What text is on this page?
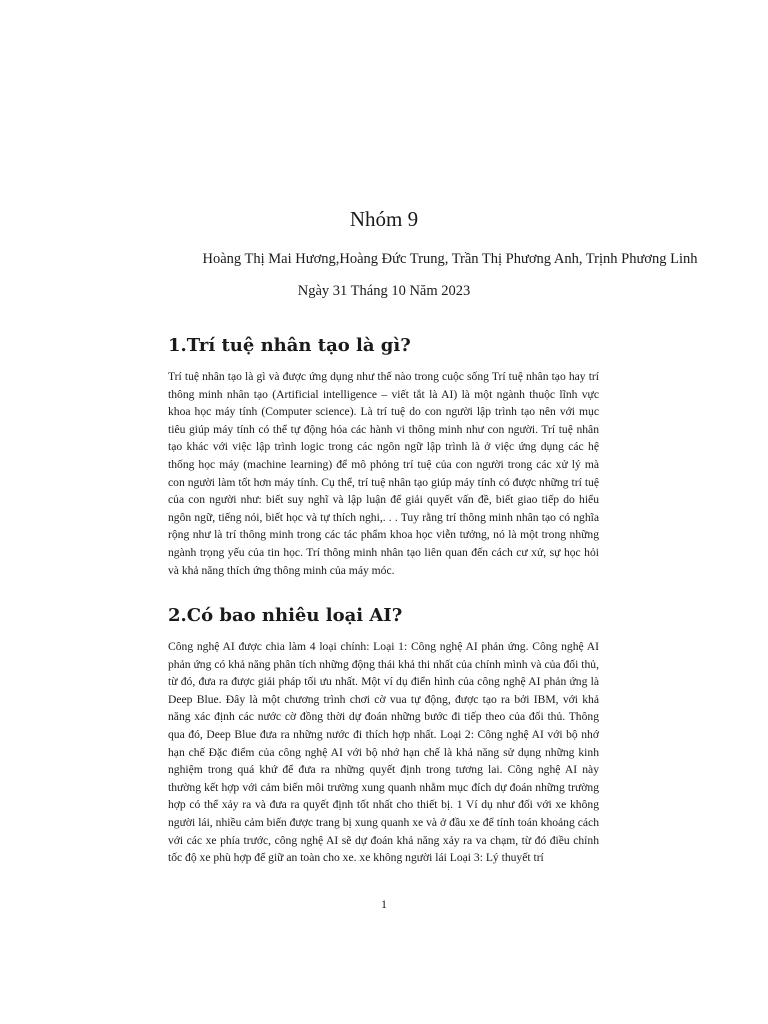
Nhóm 9
Hoàng Thị Mai Hương,Hoàng Đức Trung, Trần Thị Phương Anh, Trịnh Phương Linh
Ngày 31 Tháng 10 Năm 2023
1.Trí tuệ nhân tạo là gì?
Trí tuệ nhân tạo là gì và được ứng dụng như thế nào trong cuộc sống Trí tuệ nhân tạo hay trí thông minh nhân tạo (Artificial intelligence – viết tắt là AI) là một ngành thuộc lĩnh vực khoa học máy tính (Computer science). Là trí tuệ do con người lập trình tạo nên với mục tiêu giúp máy tính có thể tự động hóa các hành vi thông minh như con người. Trí tuệ nhân tạo khác với việc lập trình logic trong các ngôn ngữ lập trình là ở việc ứng dụng các hệ thống học máy (machine learning) để mô phỏng trí tuệ của con người trong các xử lý mà con người làm tốt hơn máy tính. Cụ thể, trí tuệ nhân tạo giúp máy tính có được những trí tuệ của con người như: biết suy nghĩ và lập luận để giải quyết vấn đề, biết giao tiếp do hiểu ngôn ngữ, tiếng nói, biết học và tự thích nghi,. . . Tuy rằng trí thông minh nhân tạo có nghĩa rộng như là trí thông minh trong các tác phẩm khoa học viễn tưởng, nó là một trong những ngành trọng yếu của tin học. Trí thông minh nhân tạo liên quan đến cách cư xử, sự học hỏi và khả năng thích ứng thông minh của máy móc.
2.Có bao nhiêu loại AI?
Công nghệ AI được chia làm 4 loại chính: Loại 1: Công nghệ AI phản ứng. Công nghệ AI phản ứng có khả năng phân tích những động thái khả thi nhất của chính mình và của đối thủ, từ đó, đưa ra được giải pháp tối ưu nhất. Một ví dụ điển hình của công nghệ AI phản ứng là Deep Blue. Đây là một chương trình chơi cờ vua tự động, được tạo ra bởi IBM, với khả năng xác định các nước cờ đồng thời dự đoán những bước đi tiếp theo của đối thủ. Thông qua đó, Deep Blue đưa ra những nước đi thích hợp nhất. Loại 2: Công nghệ AI với bộ nhớ hạn chế Đặc điểm của công nghệ AI với bộ nhớ hạn chế là khả năng sử dụng những kinh nghiệm trong quá khứ để đưa ra những quyết định trong tương lai. Công nghệ AI này thường kết hợp với cảm biến môi trường xung quanh nhằm mục đích dự đoán những trường hợp có thể xảy ra và đưa ra quyết định tốt nhất cho thiết bị. 1 Ví dụ như đối với xe không người lái, nhiều cảm biến được trang bị xung quanh xe và ở đầu xe để tính toán khoảng cách với các xe phía trước, công nghệ AI sẽ dự đoán khả năng xảy ra va chạm, từ đó điều chỉnh tốc độ xe phù hợp để giữ an toàn cho xe. xe không người lái Loại 3: Lý thuyết trí
1
